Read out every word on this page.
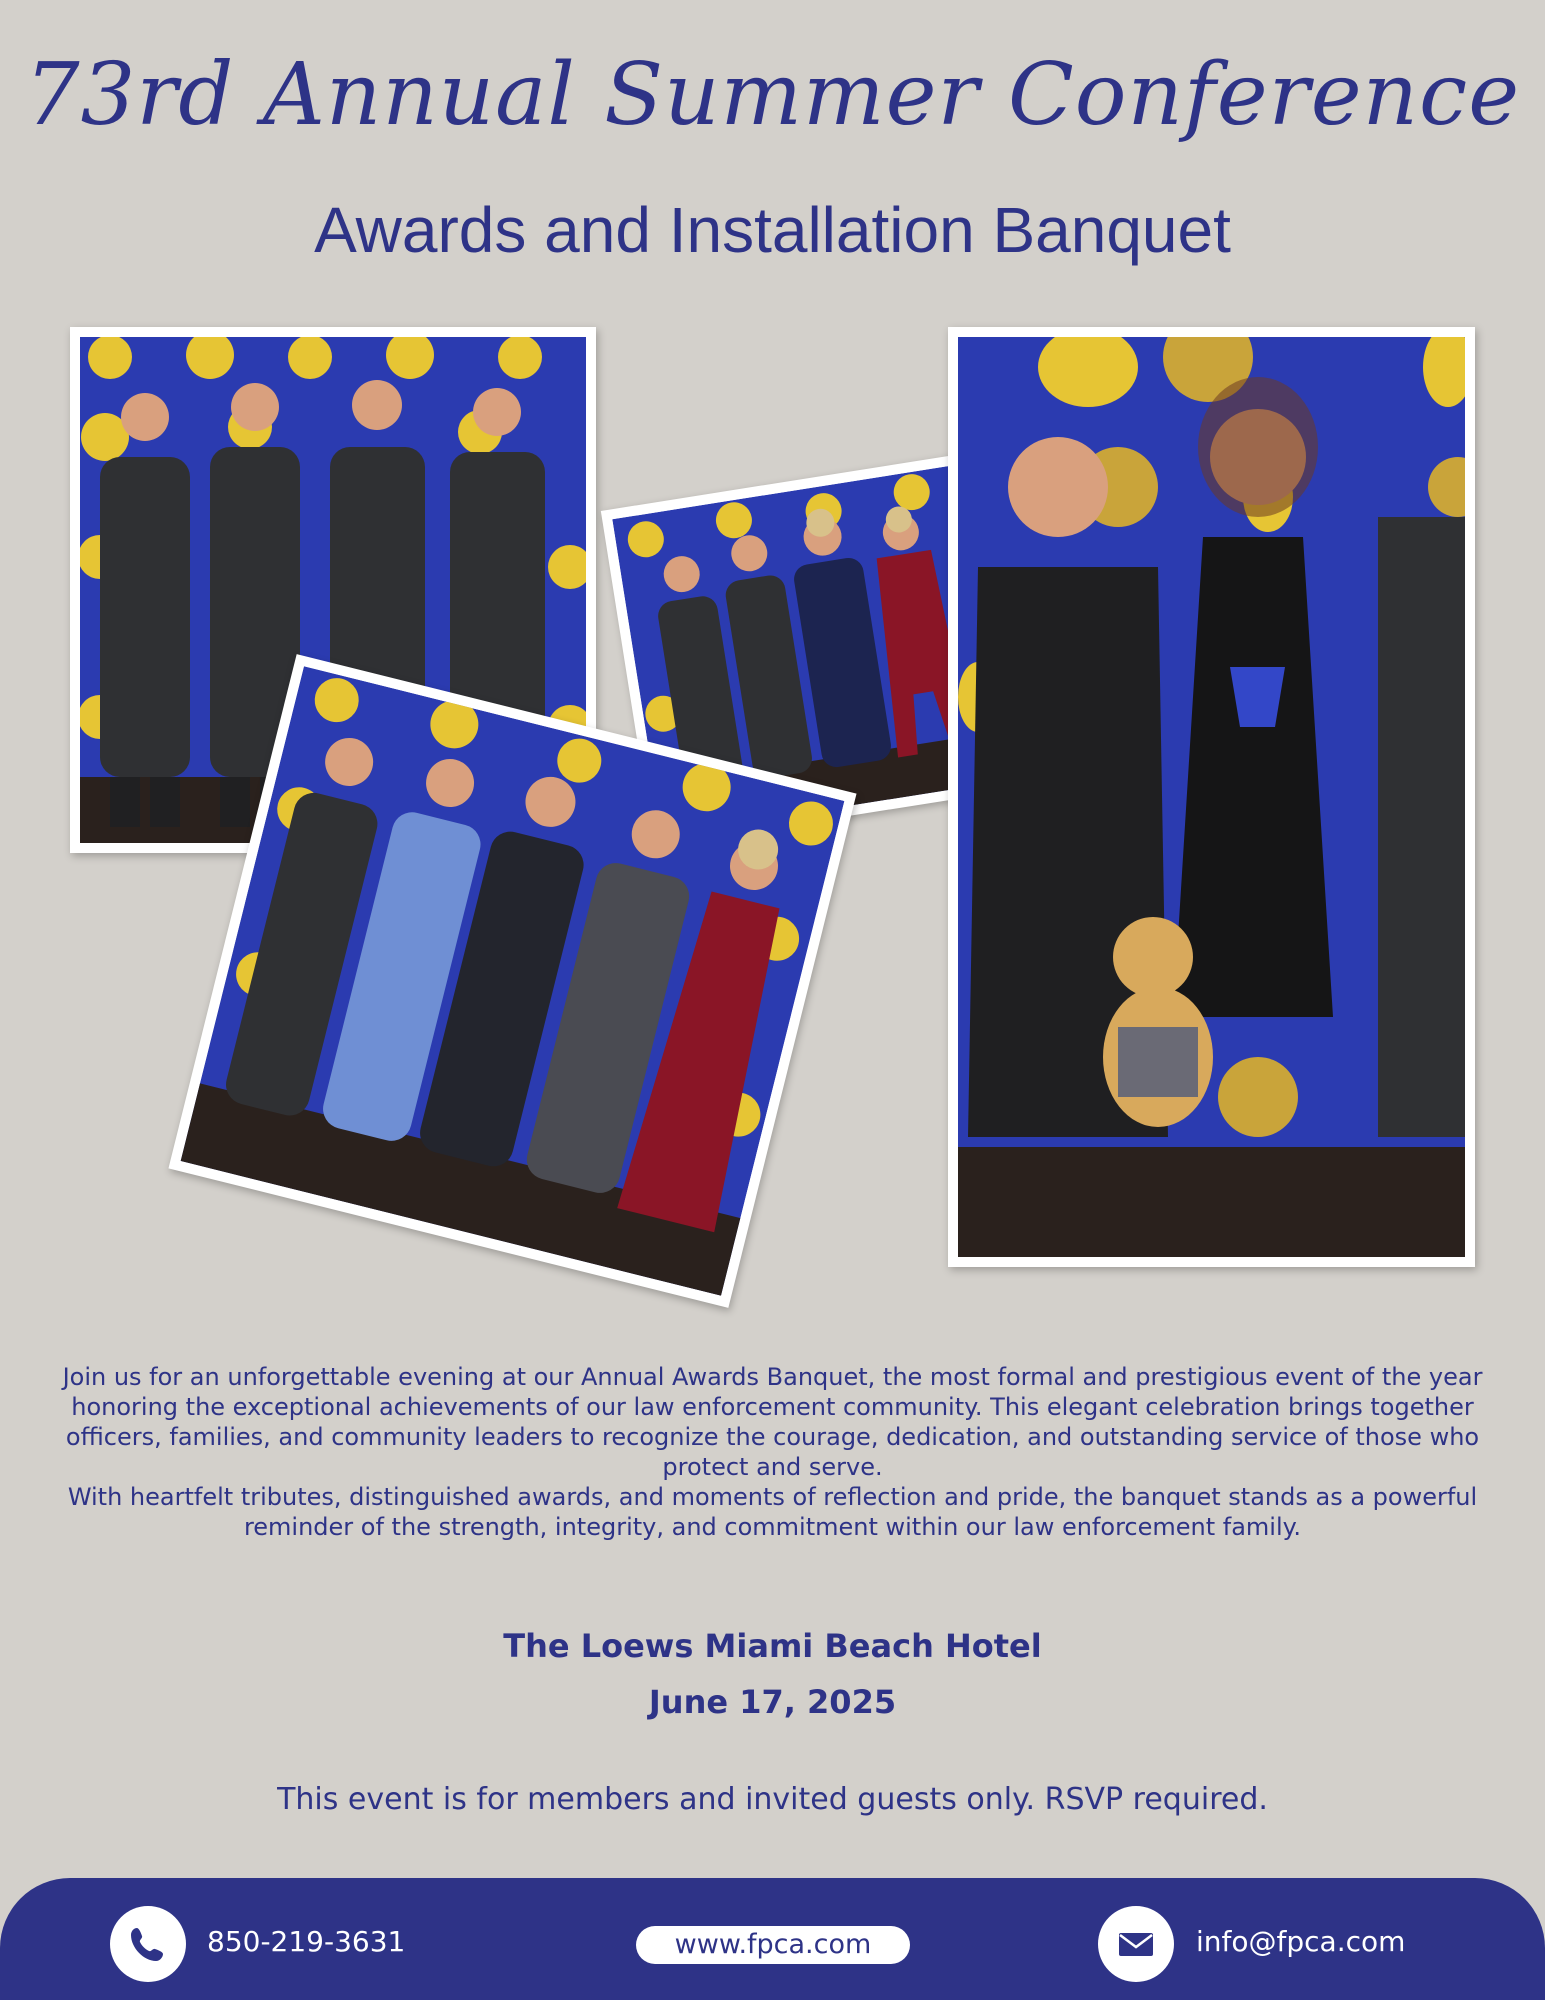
73rd Annual Summer Conference
Awards and Installation Banquet

Join us for an unforgettable evening at our Annual Awards Banquet, the most formal and prestigious event of the year honoring the exceptional achievements of our law enforcement community. This elegant celebration brings together officers, families, and community leaders to recognize the courage, dedication, and outstanding service of those who protect and serve.

With heartfelt tributes, distinguished awards, and moments of reflection and pride, the banquet stands as a powerful reminder of the strength, integrity, and commitment within our law enforcement family.

The Loews Miami Beach Hotel
June 17, 2025
This event is for members and invited guests only. RSVP required.
850-219-3631	www.fpca.com	info@fpca.com
